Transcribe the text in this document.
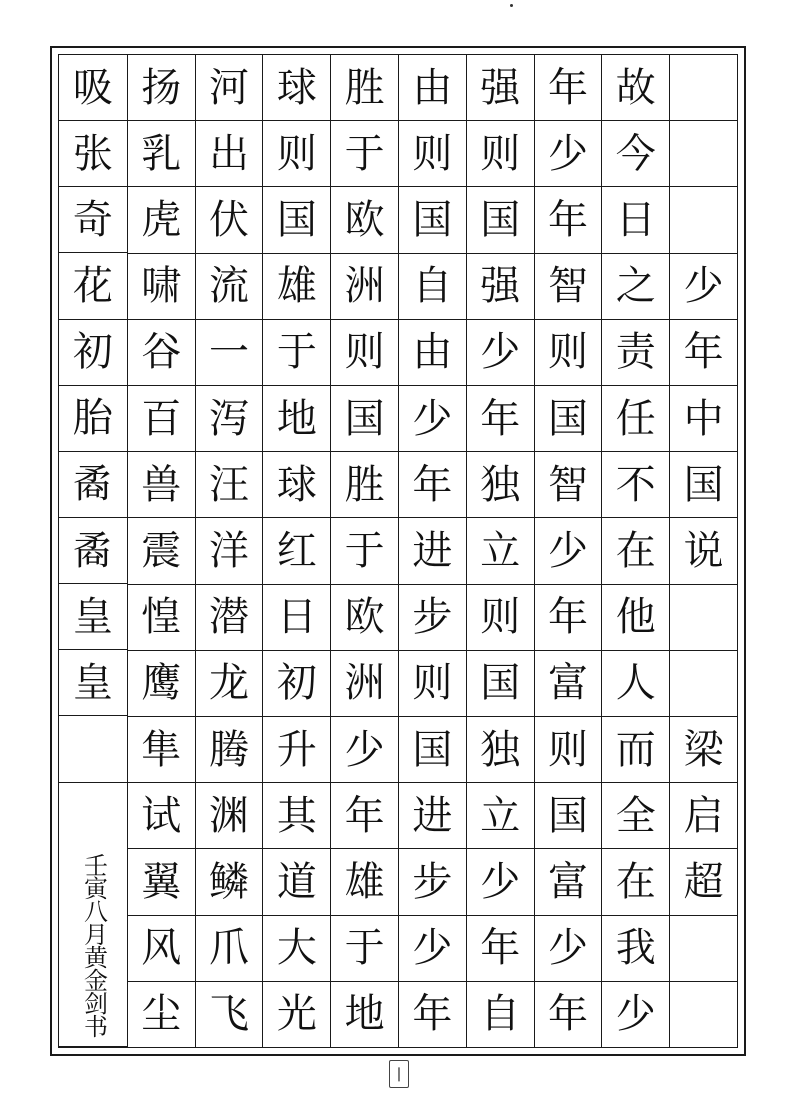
少
年
中
国
说
梁
启
超
故
今
日
之
责
任
不
在
他
人
而
全
在
我
少
年
少
年
智
则
国
智
少
年
富
则
国
富
少
年
强
则
国
强
少
年
独
立
则
国
独
立
少
年
自
由
则
国
自
由
少
年
进
步
则
国
进
步
少
年
胜
于
欧
洲
则
国
胜
于
欧
洲
少
年
雄
于
地
球
则
国
雄
于
地
球
红
日
初
升
其
道
大
光
河
出
伏
流
一
泻
汪
洋
潜
龙
腾
渊
鳞
爪
飞
扬
乳
虎
啸
谷
百
兽
震
惶
鹰
隼
试
翼
风
尘
吸
张
奇
花
初
胎
矞
矞
皇
皇
壬寅八月黄金剑书
❘
